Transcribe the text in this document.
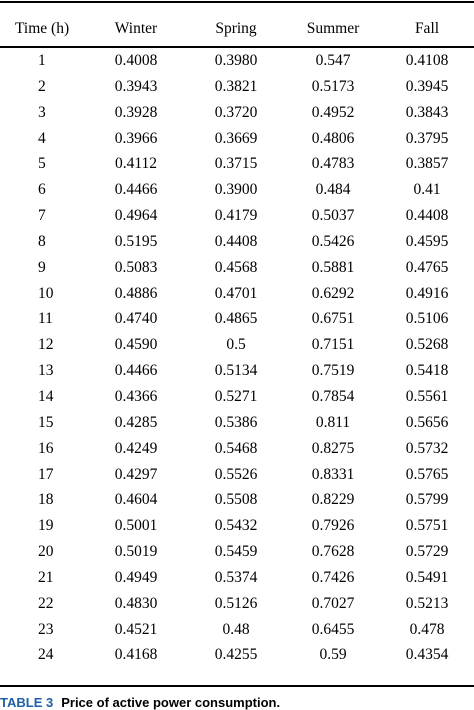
Time (h)	Winter	Spring	Summer	Fall

1	0.4008	0.3980	0.547	0.4108
2	0.3943	0.3821	0.5173	0.3945
3	0.3928	0.3720	0.4952	0.3843
4	0.3966	0.3669	0.4806	0.3795
5	0.4112	0.3715	0.4783	0.3857
6	0.4466	0.3900	0.484	0.41
7	0.4964	0.4179	0.5037	0.4408
8	0.5195	0.4408	0.5426	0.4595
9	0.5083	0.4568	0.5881	0.4765
10	0.4886	0.4701	0.6292	0.4916
11	0.4740	0.4865	0.6751	0.5106
12	0.4590	0.5	0.7151	0.5268
13	0.4466	0.5134	0.7519	0.5418
14	0.4366	0.5271	0.7854	0.5561
15	0.4285	0.5386	0.811	0.5656
16	0.4249	0.5468	0.8275	0.5732
17	0.4297	0.5526	0.8331	0.5765
18	0.4604	0.5508	0.8229	0.5799
19	0.5001	0.5432	0.7926	0.5751
20	0.5019	0.5459	0.7628	0.5729
21	0.4949	0.5374	0.7426	0.5491
22	0.4830	0.5126	0.7027	0.5213
23	0.4521	0.48	0.6455	0.478
24	0.4168	0.4255	0.59	0.4354
TABLE 3 Price of active power consumption.
